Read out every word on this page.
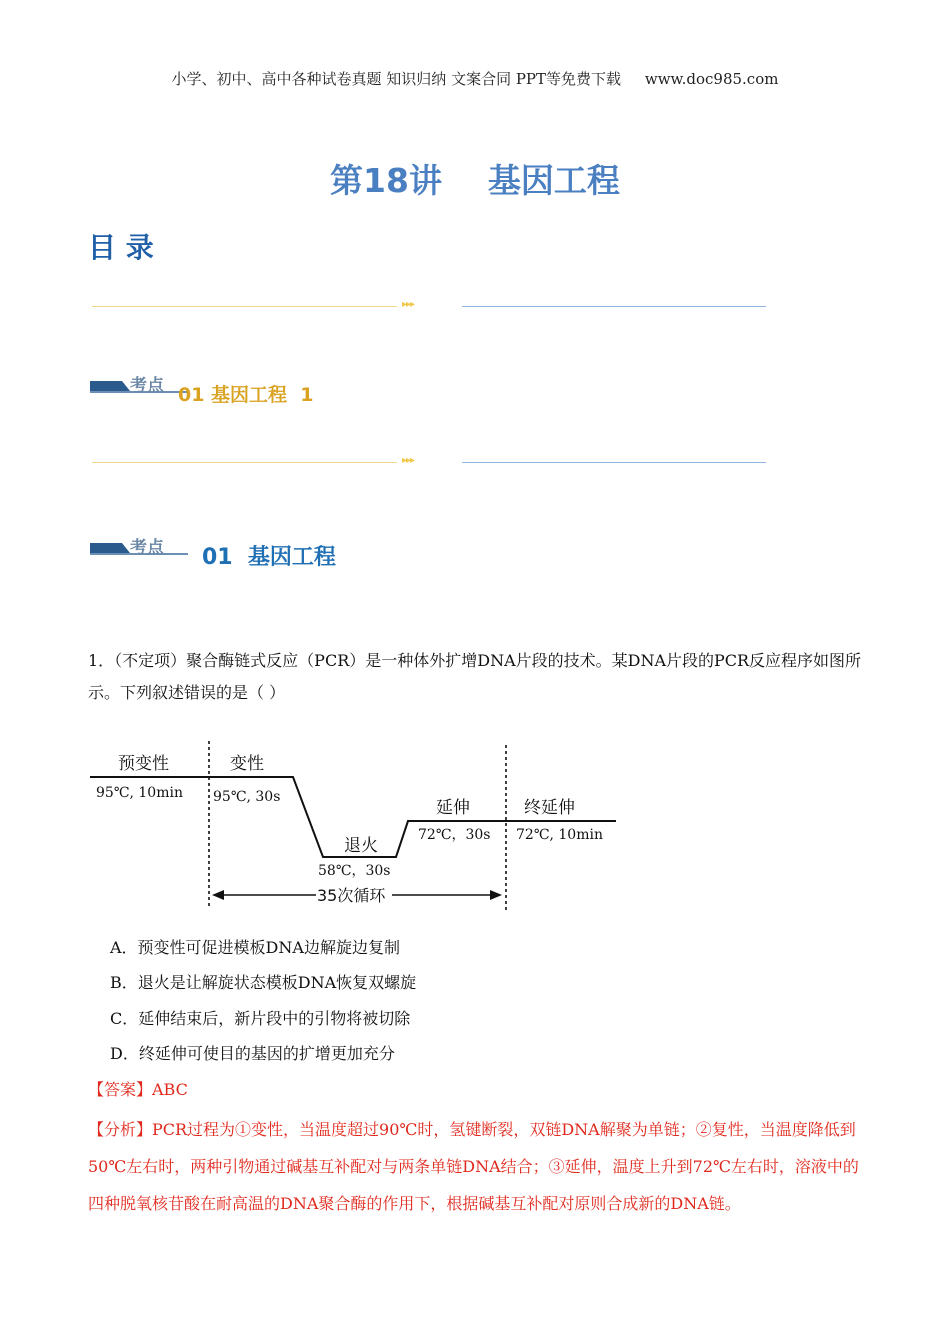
小学、初中、高中各种试卷真题 知识归纳 文案合同 PPT等免费下载     www.doc985.com
第18讲    基因工程
目 录
▸▸▸
考点 01 基因工程  1
▸▸▸
考点 01  基因工程
1．（不定项）聚合酶链式反应（PCR）是一种体外扩增DNA片段的技术。某DNA片段的PCR反应程序如图所示。下列叙述错误的是（ ）
预变性
95℃, 10min
变性
95℃, 30s
退火
58℃，30s
延伸
72℃，30s
终延伸
72℃, 10min
35次循环
A．预变性可促进模板DNA边解旋边复制
B．退火是让解旋状态模板DNA恢复双螺旋
C．延伸结束后，新片段中的引物将被切除
D．终延伸可使目的基因的扩增更加充分
【答案】ABC
【分析】PCR过程为①变性，当温度超过90℃时，氢键断裂，双链DNA解聚为单链；②复性，当温度降低到50℃左右时，两种引物通过碱基互补配对与两条单链DNA结合；③延伸，温度上升到72℃左右时，溶液中的四种脱氧核苷酸在耐高温的DNA聚合酶的作用下，根据碱基互补配对原则合成新的DNA链。
